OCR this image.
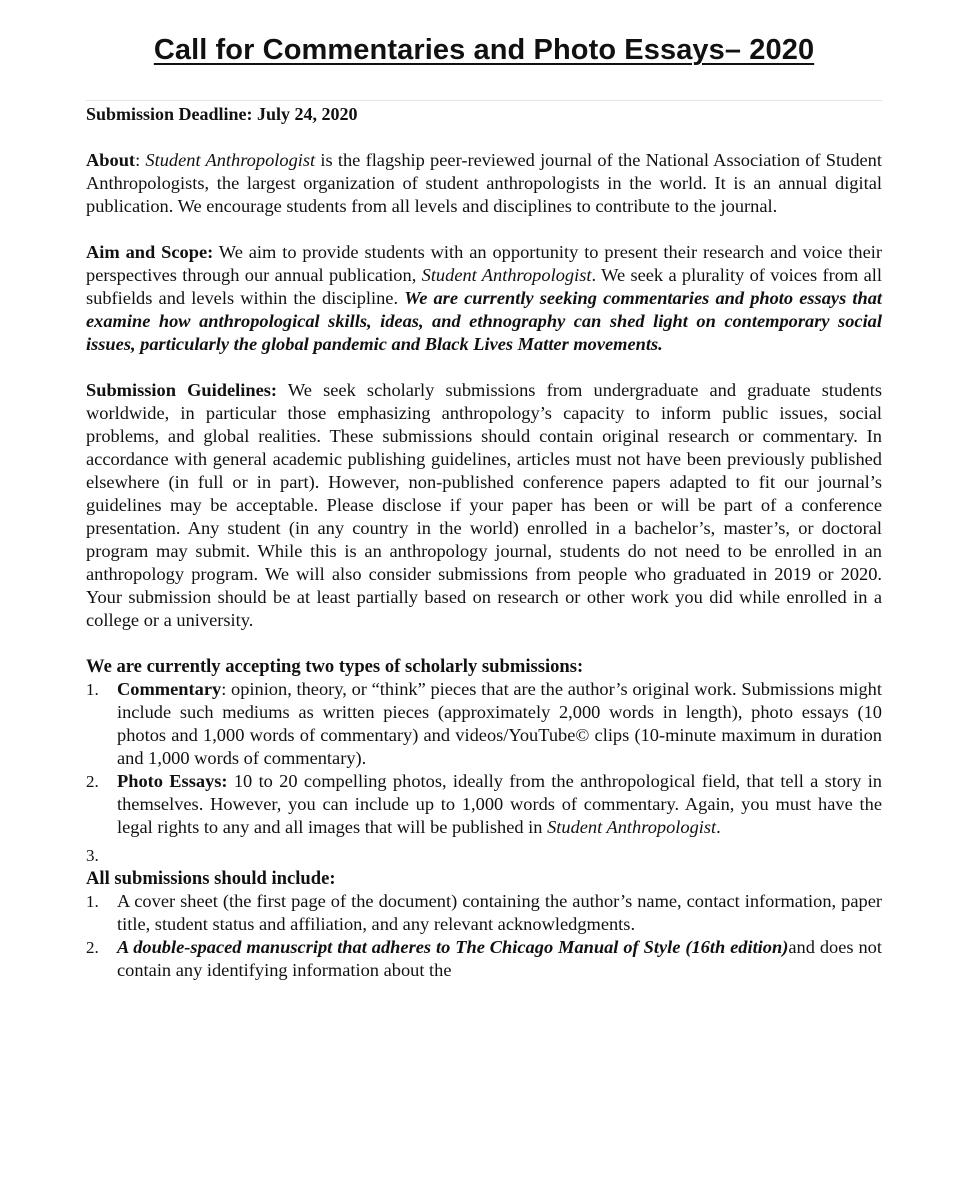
Call for Commentaries and Photo Essays– 2020
Submission Deadline: July 24, 2020

About: Student Anthropologist is the flagship peer-reviewed journal of the National Association of Student Anthropologists, the largest organization of student anthropologists in the world. It is an annual digital publication. We encourage students from all levels and disciplines to contribute to the journal.

Aim and Scope: We aim to provide students with an opportunity to present their research and voice their perspectives through our annual publication, Student Anthropologist. We seek a plurality of voices from all subfields and levels within the discipline. We are currently seeking commentaries and photo essays that examine how anthropological skills, ideas, and ethnography can shed light on contemporary social issues, particularly the global pandemic and Black Lives Matter movements.

Submission Guidelines: We seek scholarly submissions from undergraduate and graduate students worldwide, in particular those emphasizing anthropology’s capacity to inform public issues, social problems, and global realities. These submissions should contain original research or commentary. In accordance with general academic publishing guidelines, articles must not have been previously published elsewhere (in full or in part). However, non-published conference papers adapted to fit our journal’s guidelines may be acceptable. Please disclose if your paper has been or will be part of a conference presentation. Any student (in any country in the world) enrolled in a bachelor’s, master’s, or doctoral program may submit. While this is an anthropology journal, students do not need to be enrolled in an anthropology program. We will also consider submissions from people who graduated in 2019 or 2020. Your submission should be at least partially based on research or other work you did while enrolled in a college or a university.

We are currently accepting two types of scholarly submissions:
1. Commentary: opinion, theory, or “think” pieces that are the author’s original work. Submissions might include such mediums as written pieces (approximately 2,000 words in length), photo essays (10 photos and 1,000 words of commentary) and videos/YouTube© clips (10-minute maximum in duration and 1,000 words of commentary).
2. Photo Essays: 10 to 20 compelling photos, ideally from the anthropological field, that tell a story in themselves. However, you can include up to 1,000 words of commentary. Again, you must have the legal rights to any and all images that will be published in Student Anthropologist.
3.
All submissions should include:
1. A cover sheet (the first page of the document) containing the author’s name, contact information, paper title, student status and affiliation, and any relevant acknowledgments.
2. A double-spaced manuscript that adheres to The Chicago Manual of Style (16th edition)and does not contain any identifying information about the
